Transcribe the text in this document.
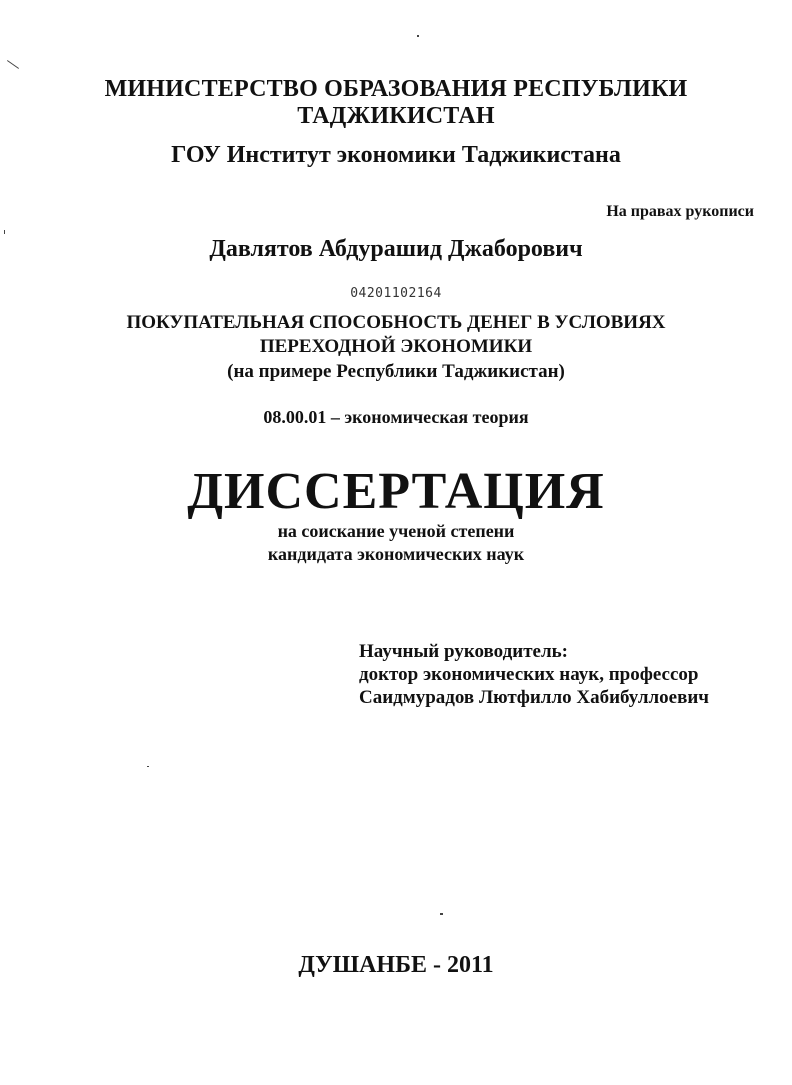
МИНИСТЕРСТВО ОБРАЗОВАНИЯ РЕСПУБЛИКИ
ТАДЖИКИСТАН
ГОУ Институт экономики Таджикистана
На правах рукописи
Давлятов Абдурашид Джаборович
04201102164
ПОКУПАТЕЛЬНАЯ СПОСОБНОСТЬ ДЕНЕГ В УСЛОВИЯХ
ПЕРЕХОДНОЙ ЭКОНОМИКИ
(на примере Республики Таджикистан)
08.00.01 – экономическая теория
ДИССЕРТАЦИЯ
на соискание ученой степени
кандидата экономических наук
Научный руководитель:
доктор экономических наук, профессор
Саидмурадов Лютфилло Хабибуллоевич
ДУШАНБЕ - 2011
